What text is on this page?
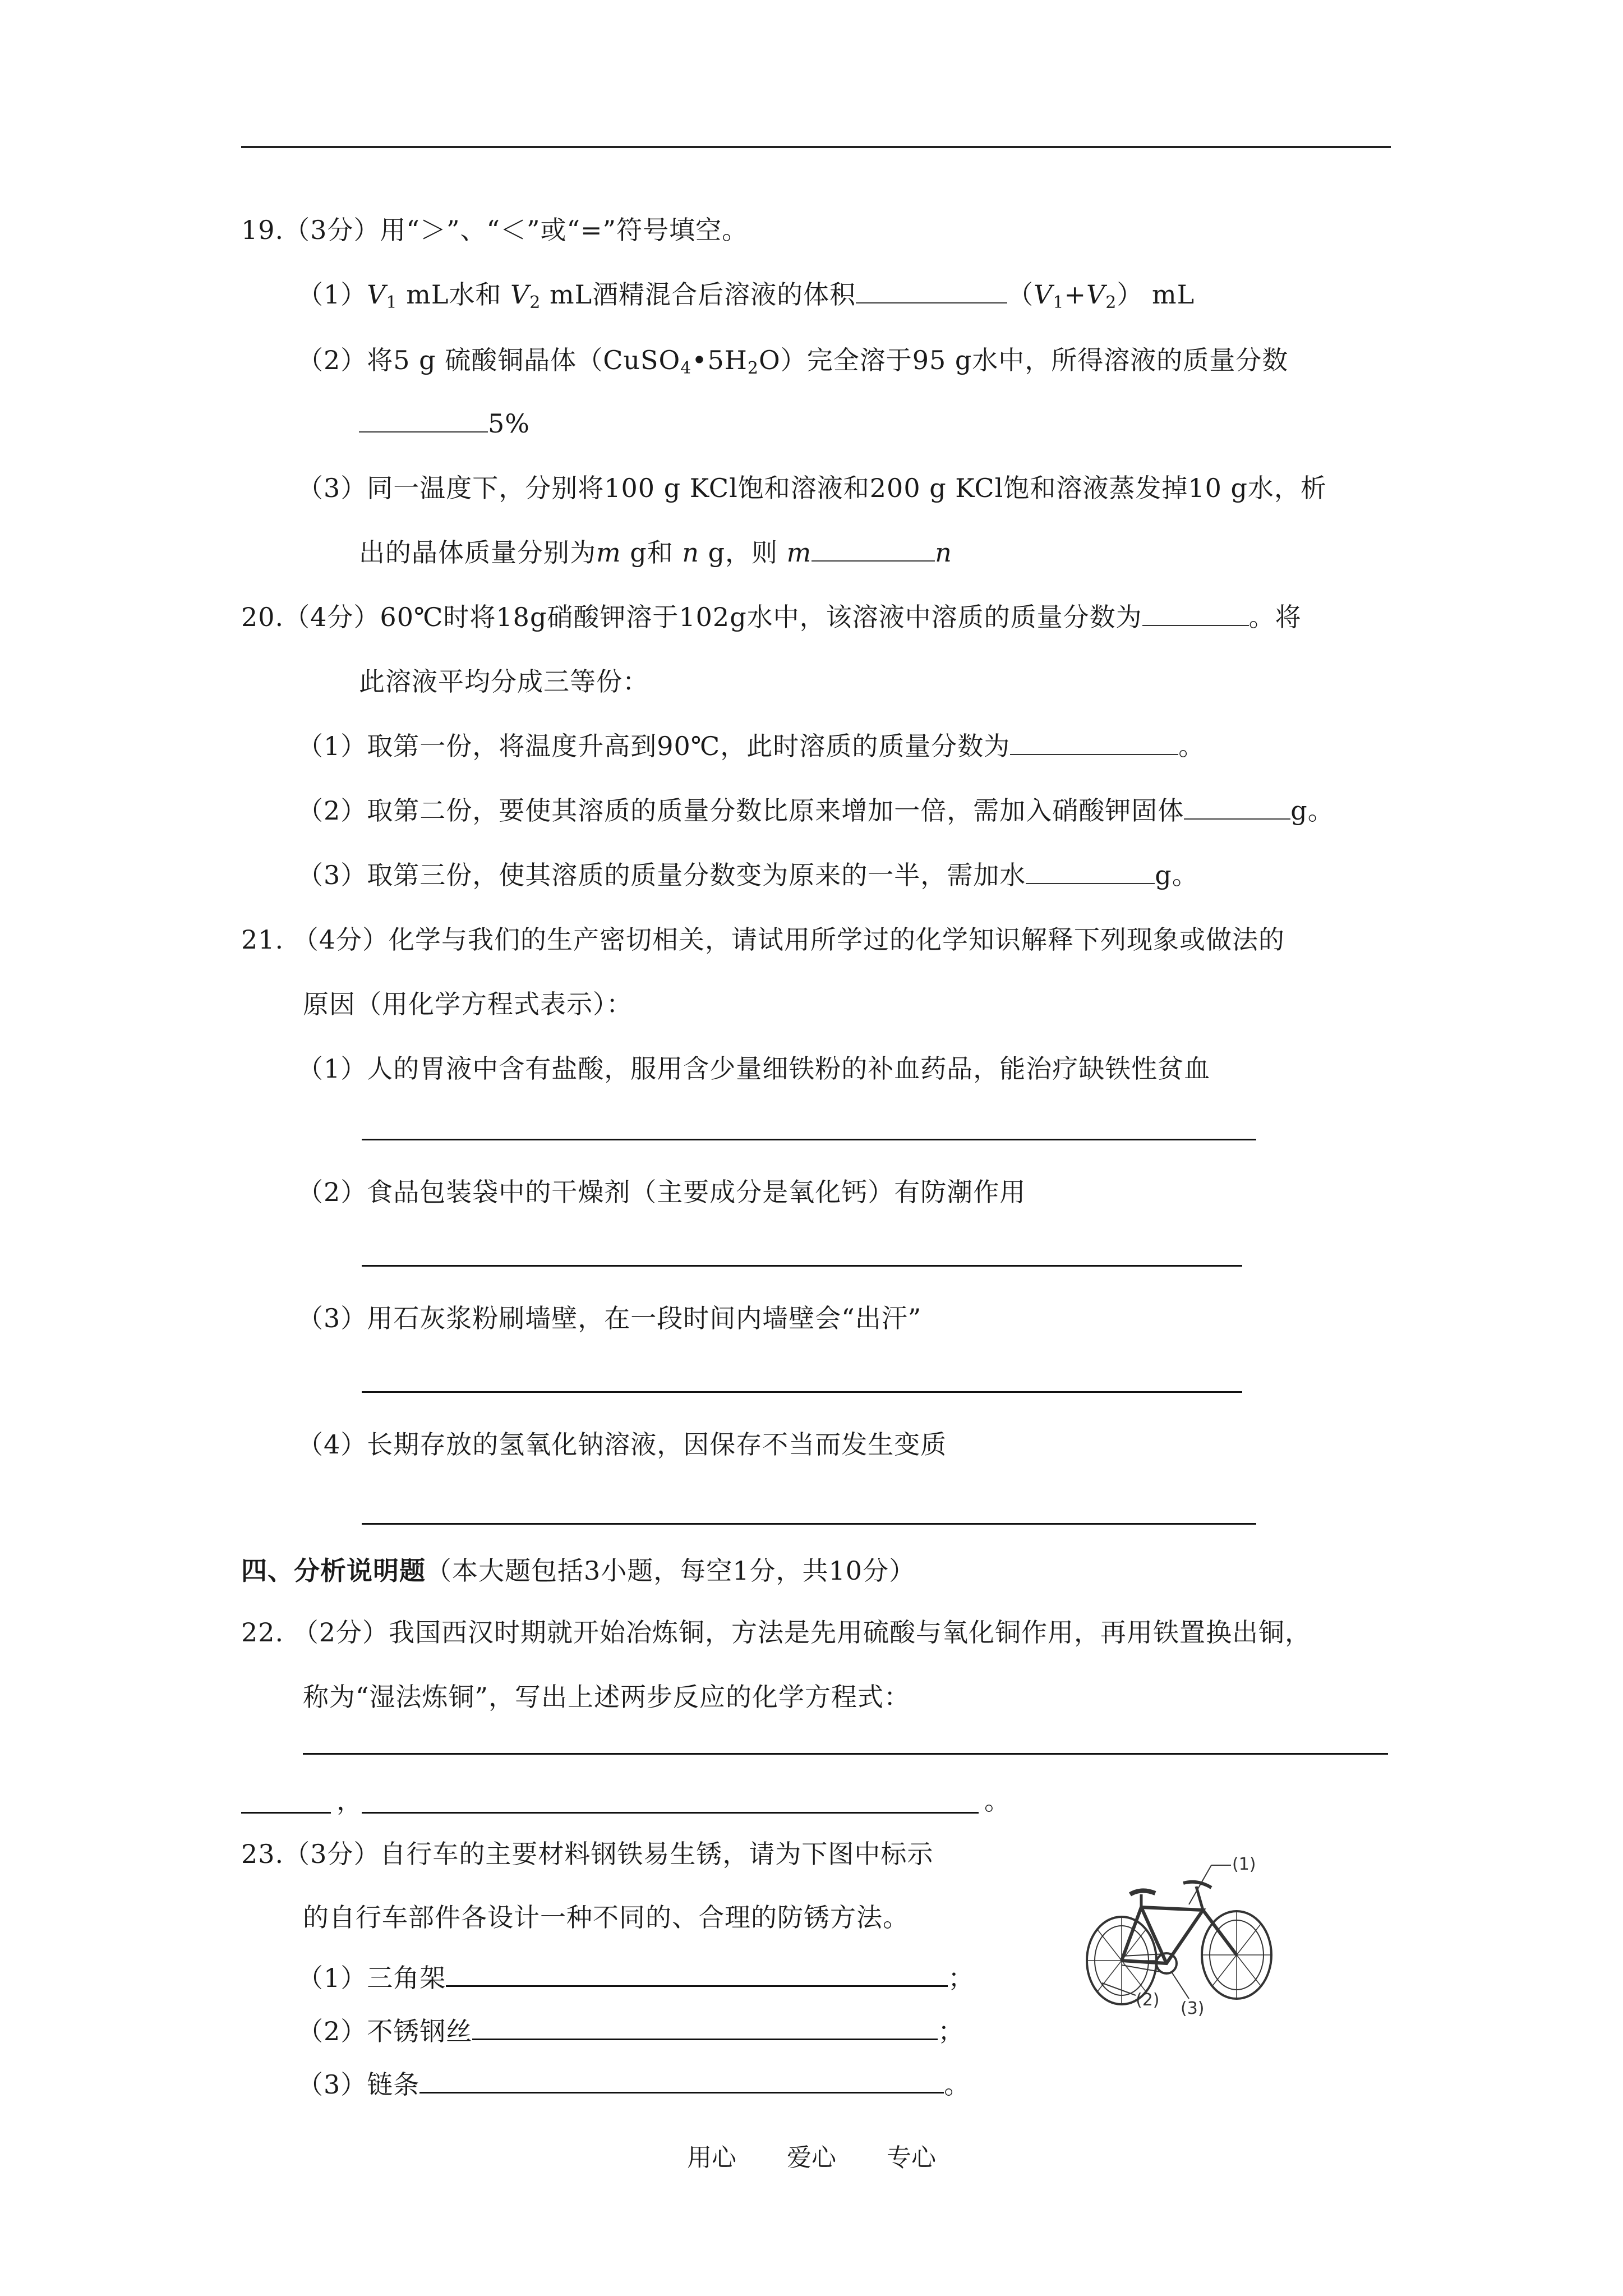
19.（3分）用“＞”、“＜”或“=”符号填空。
$(1)V_1$ mL水和 $V_2$ mL酒精混合后溶液的体积	$(V_1+V_2)$ mL
（2）将5 g 硫酸铜晶体$(CuSO_4•5H_2O)$完全溶于95 g水中，所得溶液的质量分数
5%
（3）同一温度下，分别将100 g KCl饱和溶液和200 g KCl饱和溶液蒸发掉10 g水，析
出的晶体质量分别为m g和 n g，则 m	n
20.（4分）60℃时将18g硝酸钾溶于102g水中，该溶液中溶质的质量分数为	。将
此溶液平均分成三等份：
（1）取第一份，将温度升高到90℃，此时溶质的质量分数为	。
（2）取第二份，要使其溶质的质量分数比原来增加一倍，需加入硝酸钾固体	g。
（3）取第三份，使其溶质的质量分数变为原来的一半，需加水	g。
21. （4分）化学与我们的生产密切相关，请试用所学过的化学知识解释下列现象或做法的
原因（用化学方程式表示）：
（1）人的胃液中含有盐酸，服用含少量细铁粉的补血药品，能治疗缺铁性贫血
（2）食品包装袋中的干燥剂（主要成分是氧化钙）有防潮作用
（3）用石灰浆粉刷墙壁，在一段时间内墙壁会“出汗”
（4）长期存放的氢氧化钠溶液，因保存不当而发生变质
四、分析说明题（本大题包括3小题，每空1分，共10分）
22. （2分）我国西汉时期就开始冶炼铜，方法是先用硫酸与氧化铜作用，再用铁置换出铜，
称为“湿法炼铜”，写出上述两步反应的化学方程式：
，	。
23.（3分）自行车的主要材料钢铁易生锈，请为下图中标示
的自行车部件各设计一种不同的、合理的防锈方法。
（1）三角架	；
（2）不锈钢丝	；
（3）链条	。
(1)
(2) (3)
用心 爱心 专心
